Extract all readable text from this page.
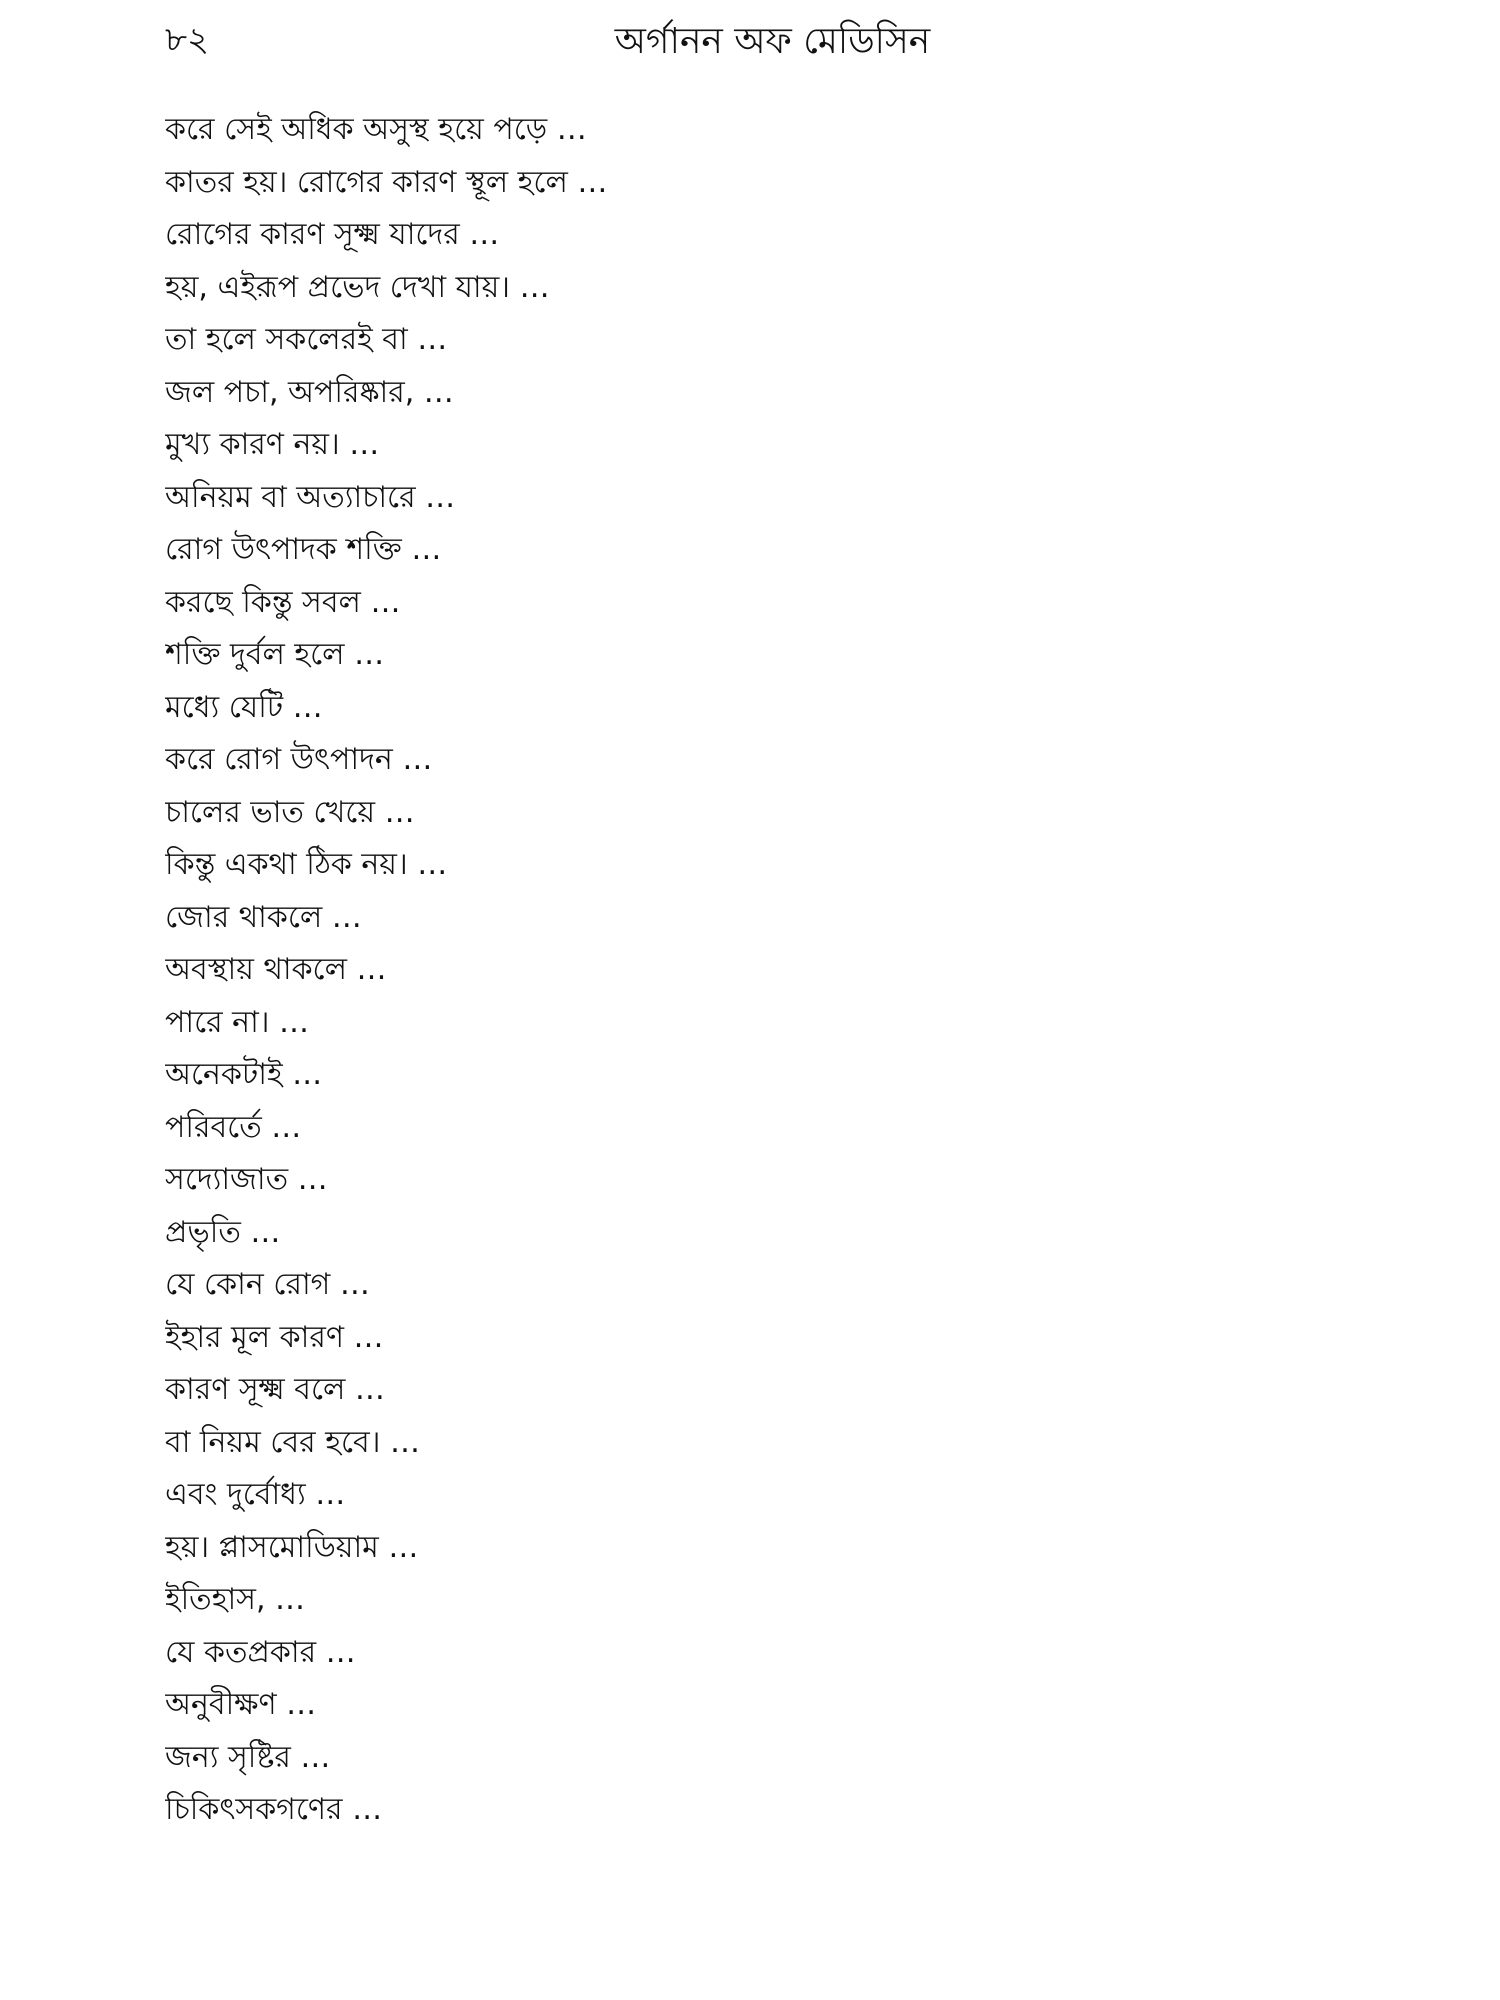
৮২	অর্গানন অফ মেডিসিন
করে সেই অধিক অসুস্থ হয়ে পড়ে …
কাতর হয়। রোগের কারণ স্থূল হলে …
রোগের কারণ সূক্ষ্ম যাদের …
হয়, এইরূপ প্রভেদ দেখা যায়। …
তা হলে সকলেরই বা …
জল পচা, অপরিষ্কার, …
মুখ্য কারণ নয়। …
অনিয়ম বা অত্যাচারে …
রোগ উৎপাদক শক্তি …
করছে কিন্তু সবল …
শক্তি দুর্বল হলে …
মধ্যে যেটি …
করে রোগ উৎপাদন …
চালের ভাত খেয়ে …
কিন্তু একথা ঠিক নয়। …
জোর থাকলে …
অবস্থায় থাকলে …
পারে না। …
অনেকটাই …
পরিবর্তে …
সদ্যোজাত …
প্রভৃতি …
যে কোন রোগ …
ইহার মূল কারণ …
কারণ সূক্ষ্ম বলে …
বা নিয়ম বের হবে। …
এবং দুর্বোধ্য …
হয়। প্লাসমোডিয়াম …
ইতিহাস, …
যে কতপ্রকার …
অনুবীক্ষণ …
জন্য সৃষ্টির …
চিকিৎসকগণের …
